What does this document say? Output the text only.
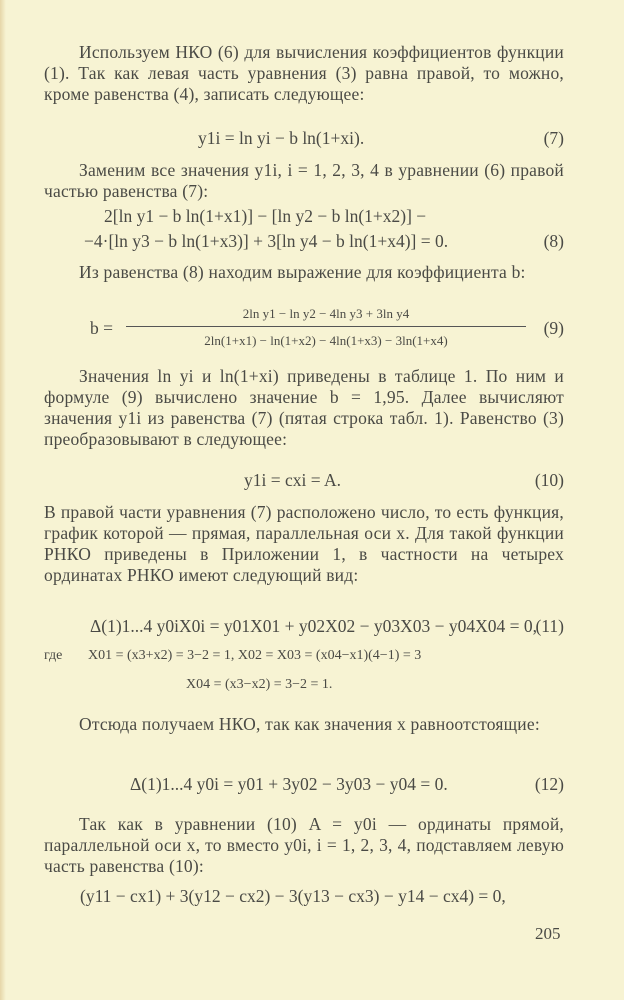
Используем НКО (6) для вычисления коэффициентов функции (1). Так как левая часть уравнения (3) равна правой, то можно, кроме равенства (4), записать следующее:
y1i = ln yi − b ln(1+xi).	(7)
Заменим все значения y1i, i = 1, 2, 3, 4 в уравнении (6) правой частью равенства (7):
2[ln y1 − b ln(1+x1)] − [ln y2 − b ln(1+x2)] −
−4·[ln y3 − b ln(1+x3)] + 3[ln y4 − b ln(1+x4)] = 0.	(8)
Из равенства (8) находим выражение для коэффициента b:
$b = \frac{\text{2ln y1 − ln y2 − 4ln y3 + 3ln y4}}{2\ln(1+x1) - \ln(1+x2) - 4\ln(1+x3) - 3\ln(1+x4)} (9)$
Значения ln yi и ln(1+xi) приведены в таблице 1. По ним и формуле (9) вычислено значение b = 1,95. Далее вычисляют значения y1i из равенства (7) (пятая строка табл. 1). Равенство (3) преобразовывают в следующее:
y1i = cxi = A.	(10)
В правой части уравнения (7) расположено число, то есть функция, график которой — прямая, параллельная оси x. Для такой функции РНКО приведены в Приложении 1, в частности на четырех ординатах РНКО имеют следующий вид:
Δ(1)1...4 y0iX0i = y01X01 + y02X02 − y03X03 − y04X04 = 0,
(11)
где X01 = (x3+x2) = 3−2 = 1, X02 = X03 = (x04−x1)(4−1) = 3
X04 = (x3−x2) = 3−2 = 1.
Отсюда получаем НКО, так как значения x равноотстоящие:
Δ(1)1...4 y0i = y01 + 3y02 − 3y03 − y04 = 0.	(12)
Так как в уравнении (10) A = y0i — ординаты прямой, параллельной оси x, то вместо y0i, i = 1, 2, 3, 4, подставляем левую часть равенства (10):
(y11 − cx1) + 3(y12 − cx2) − 3(y13 − cx3) − y14 − cx4) = 0,
205
